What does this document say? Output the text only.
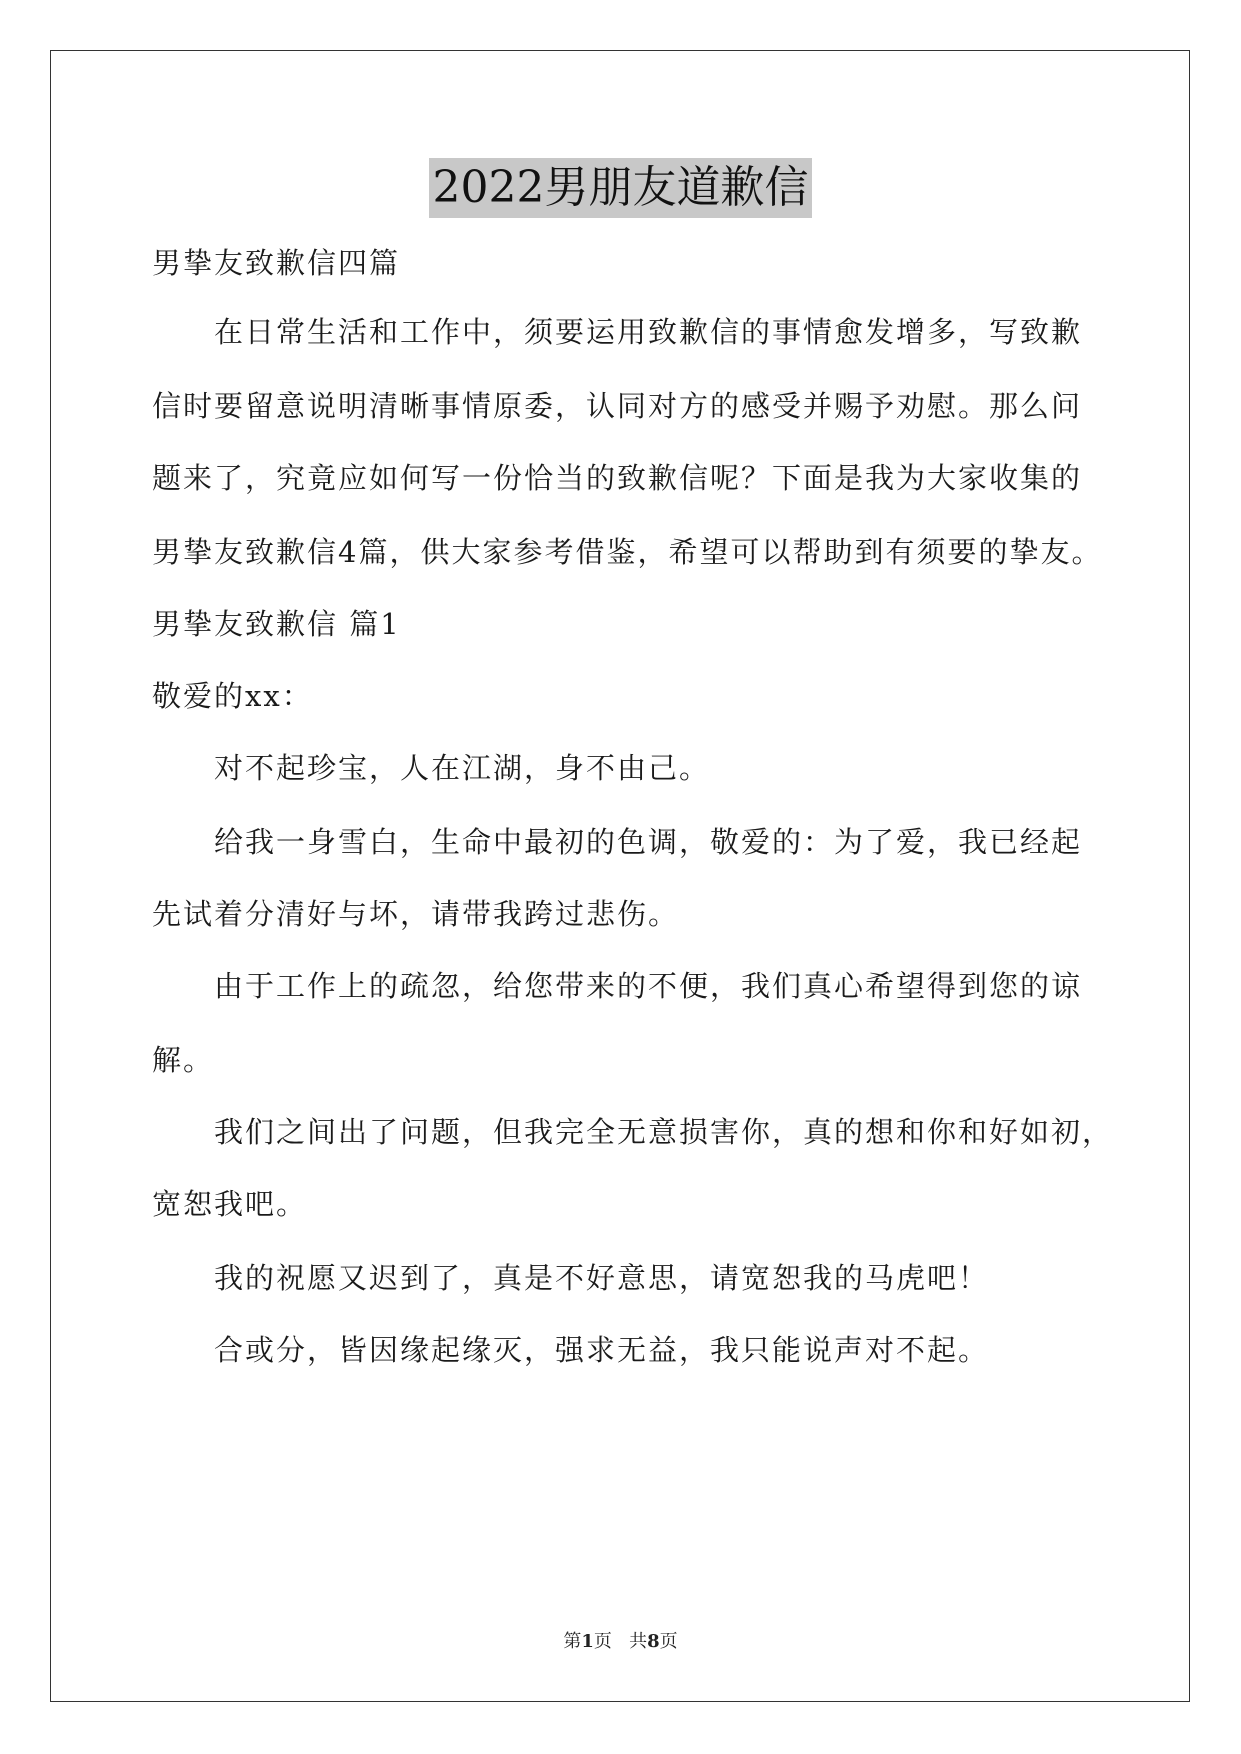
2022男朋友道歉信
男挚友致歉信四篇
在日常生活和工作中，须要运用致歉信的事情愈发增多，写致歉
信时要留意说明清晰事情原委，认同对方的感受并赐予劝慰。那么问
题来了，究竟应如何写一份恰当的致歉信呢？下面是我为大家收集的
男挚友致歉信4篇，供大家参考借鉴，希望可以帮助到有须要的挚友。
男挚友致歉信 篇1
敬爱的xx：
对不起珍宝，人在江湖，身不由己。
给我一身雪白，生命中最初的色调，敬爱的：为了爱，我已经起
先试着分清好与坏，请带我跨过悲伤。
由于工作上的疏忽，给您带来的不便，我们真心希望得到您的谅
解。
我们之间出了问题，但我完全无意损害你，真的想和你和好如初，
宽恕我吧。
我的祝愿又迟到了，真是不好意思，请宽恕我的马虎吧！
合或分，皆因缘起缘灭，强求无益，我只能说声对不起。
第1页   共8页
